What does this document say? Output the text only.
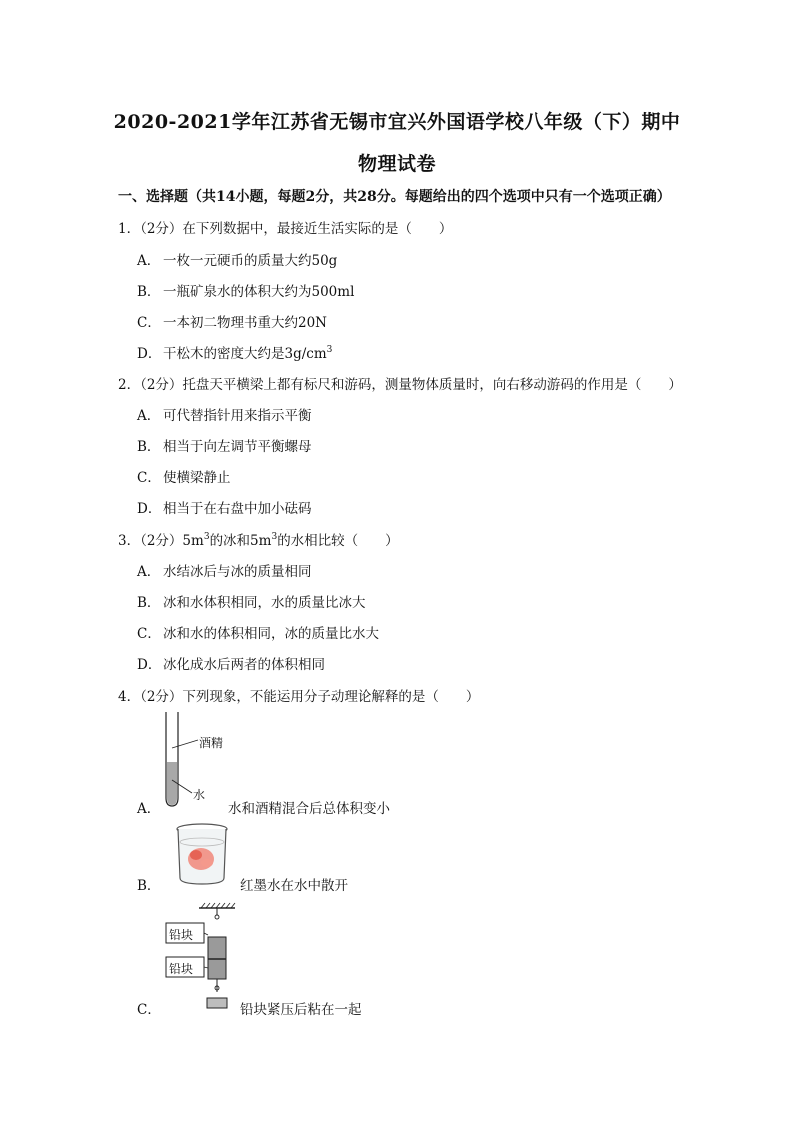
2020-2021学年江苏省无锡市宜兴外国语学校八年级（下）期中
物理试卷
一、选择题（共14小题，每题2分，共28分。每题给出的四个选项中只有一个选项正确）
1．（2分）在下列数据中，最接近生活实际的是（　　）
A． 一枚一元硬币的质量大约50g
B． 一瓶矿泉水的体积大约为500ml
C． 一本初二物理书重大约20N
D． 干松木的密度大约是$3g/cm^3$
2．（2分）托盘天平横梁上都有标尺和游码，测量物体质量时，向右移动游码的作用是（　　）
A． 可代替指针用来指示平衡
B． 相当于向左调节平衡螺母
C． 使横梁静止
D． 相当于在右盘中加小砝码
3．（2分）$5m^3$的冰和$5m^3$的水相比较（　　）
A． 水结冰后与冰的质量相同
B． 冰和水体积相同，水的质量比冰大
C． 冰和水的体积相同，冰的质量比水大
D． 冰化成水后两者的体积相同
4．（2分）下列现象，不能运用分子动理论解释的是（　　）
A．
酒精
水
水和酒精混合后总体积变小
B．	红墨水在水中散开
C．
铅块
铅块
铅块紧压后粘在一起
